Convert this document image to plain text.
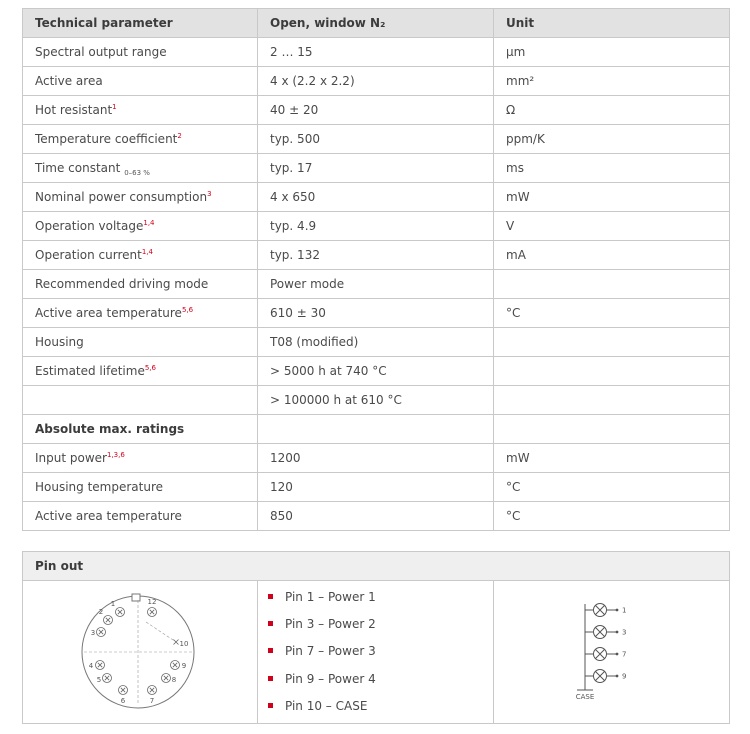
Technical parameter	Open, window N₂	Unit
Spectral output range	2 … 15	µm
Active area	4 x (2.2 x 2.2)	mm²
Hot resistant$^1$	40 ± 20	Ω
Temperature coefficient$^2$	typ. 500	ppm/K
Time constant $_{0-63 \%}$	typ. 17	ms
Nominal power consumption$^3$	4 x 650	mW
Operation voltage$^{1,4}$	typ. 4.9	V
Operation current$^{1,4}$	typ. 132	mA
Recommended driving mode	Power mode	
Active area temperature$^{5,6}$	610 ± 30	°C
Housing	T08 (modified)	
Estimated lifetime$^{5,6}$	> 5000 h at 740 °C	
	> 100000 h at 610 °C	
Absolute max. ratings		
Input power$^{1,3,6}$	1200	mW
Housing temperature	120	°C
Active area temperature	850	°C
Pin out

1
2
3
4
5
6	7
8
9
10
12	Pin 1 – Power 1
Pin 3 – Power 2
Pin 7 – Power 3
Pin 9 – Power 4
Pin 10 – CASE

1
3
7
9
CASE
